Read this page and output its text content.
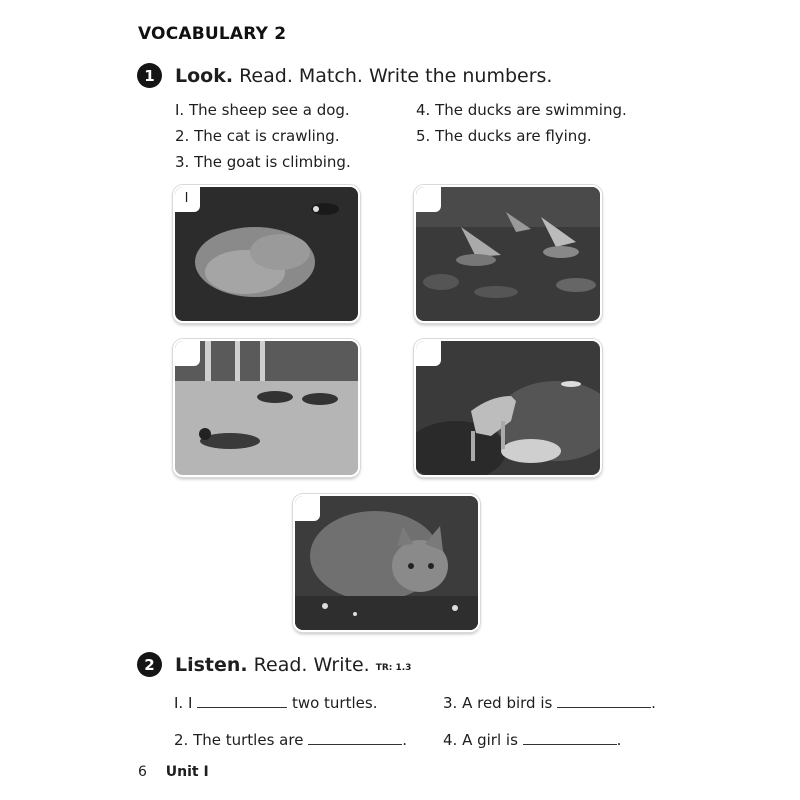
VOCABULARY 2
1	Look. Read. Match. Write the numbers.
I. The sheep see a dog.
2. The cat is crawling.
3. The goat is climbing.
4. The ducks are swimming.
5. The ducks are flying.
I
2	Listen. Read. Write. TR: 1.3
I. I	two turtles.
2. The turtles are	.
3. A red bird is	.
4. A girl is	.
6 Unit I
